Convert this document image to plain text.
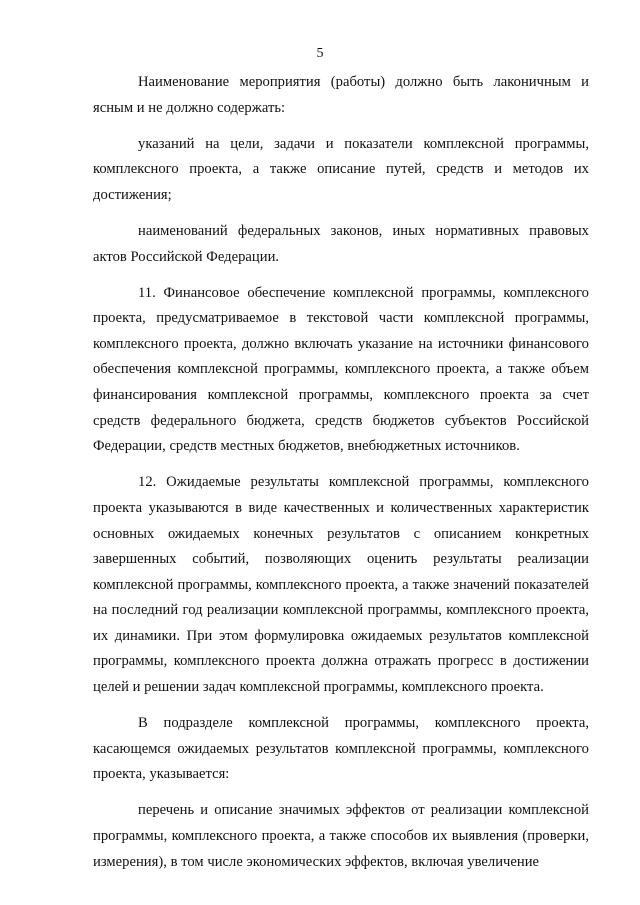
5

Наименование мероприятия (работы) должно быть лаконичным и ясным и не должно содержать:

указаний на цели, задачи и показатели комплексной программы, комплексного проекта, а также описание путей, средств и методов их достижения;

наименований федеральных законов, иных нормативных правовых актов Российской Федерации.

11. Финансовое обеспечение комплексной программы, комплексного проекта, предусматриваемое в текстовой части комплексной программы, комплексного проекта, должно включать указание на источники финансового обеспечения комплексной программы, комплексного проекта, а также объем финансирования комплексной программы, комплексного проекта за счет средств федерального бюджета, средств бюджетов субъектов Российской Федерации, средств местных бюджетов, внебюджетных источников.

12. Ожидаемые результаты комплексной программы, комплексного проекта указываются в виде качественных и количественных характеристик основных ожидаемых конечных результатов с описанием конкретных завершенных событий, позволяющих оценить результаты реализации комплексной программы, комплексного проекта, а также значений показателей на последний год реализации комплексной программы, комплексного проекта, их динамики. При этом формулировка ожидаемых результатов комплексной программы, комплексного проекта должна отражать прогресс в достижении целей и решении задач комплексной программы, комплексного проекта.

В подразделе комплексной программы, комплексного проекта, касающемся ожидаемых результатов комплексной программы, комплексного проекта, указывается:

перечень и описание значимых эффектов от реализации комплексной программы, комплексного проекта, а также способов их выявления (проверки, измерения), в том числе экономических эффектов, включая увеличение
